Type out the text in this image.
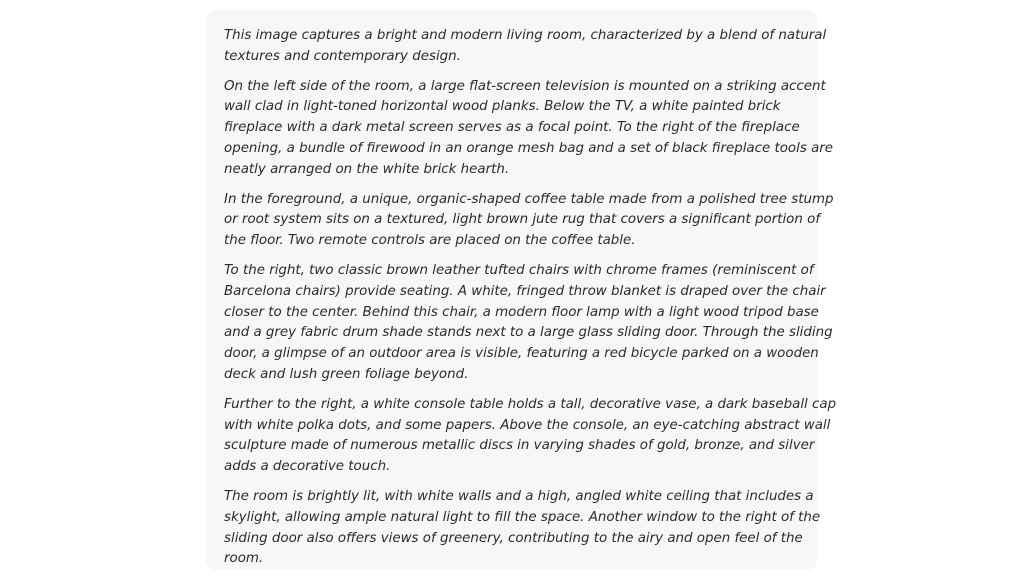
This image captures a bright and modern living room, characterized by a blend of natural
textures and contemporary design.

On the left side of the room, a large flat-screen television is mounted on a striking accent
wall clad in light-toned horizontal wood planks. Below the TV, a white painted brick
fireplace with a dark metal screen serves as a focal point. To the right of the fireplace
opening, a bundle of firewood in an orange mesh bag and a set of black fireplace tools are
neatly arranged on the white brick hearth.

In the foreground, a unique, organic-shaped coffee table made from a polished tree stump
or root system sits on a textured, light brown jute rug that covers a significant portion of
the floor. Two remote controls are placed on the coffee table.

To the right, two classic brown leather tufted chairs with chrome frames (reminiscent of
Barcelona chairs) provide seating. A white, fringed throw blanket is draped over the chair
closer to the center. Behind this chair, a modern floor lamp with a light wood tripod base
and a grey fabric drum shade stands next to a large glass sliding door. Through the sliding
door, a glimpse of an outdoor area is visible, featuring a red bicycle parked on a wooden
deck and lush green foliage beyond.

Further to the right, a white console table holds a tall, decorative vase, a dark baseball cap
with white polka dots, and some papers. Above the console, an eye-catching abstract wall
sculpture made of numerous metallic discs in varying shades of gold, bronze, and silver
adds a decorative touch.

The room is brightly lit, with white walls and a high, angled white ceiling that includes a
skylight, allowing ample natural light to fill the space. Another window to the right of the
sliding door also offers views of greenery, contributing to the airy and open feel of the
room.
